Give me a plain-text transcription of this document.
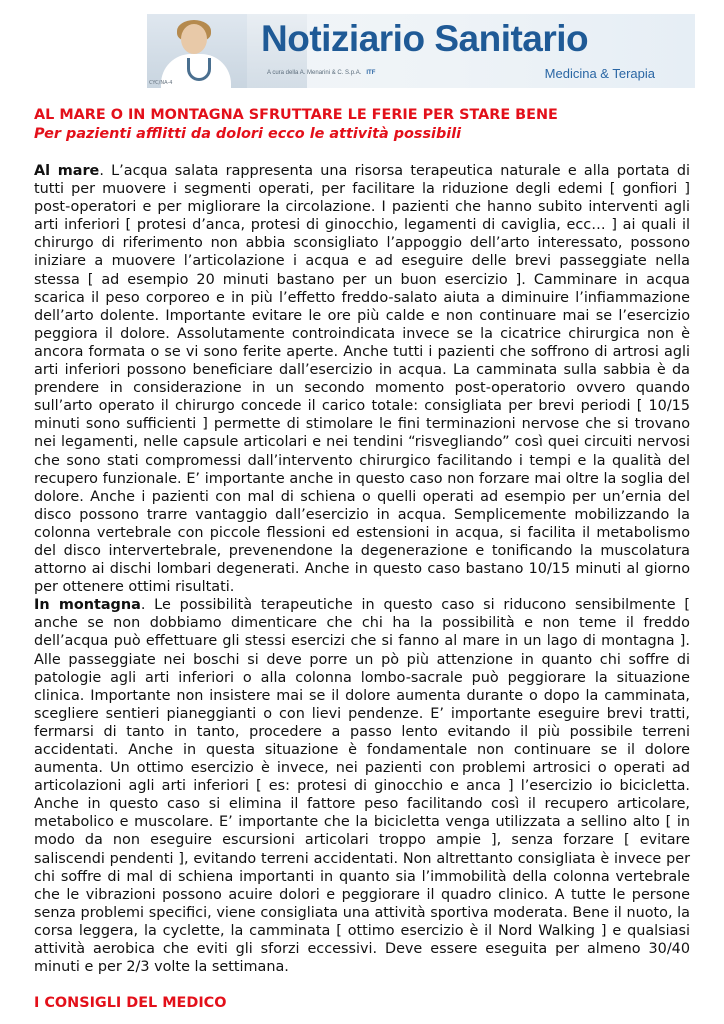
Notiziario Sanitario
A cura della A. Menarini & C. S.p.A. ITF	Medicina & Terapia
CYC/NA-4
AL MARE O IN MONTAGNA SFRUTTARE LE FERIE PER STARE BENE
Per pazienti afflitti da dolori ecco le attività possibili

Al mare. L’acqua salata rappresenta una risorsa terapeutica naturale e alla portata di tutti per muovere i segmenti operati, per facilitare la riduzione degli edemi [ gonfiori ] post-operatori e per migliorare la circolazione. I pazienti che hanno subito interventi agli arti inferiori [ protesi d’anca, protesi di ginocchio, legamenti di caviglia, ecc… ] ai quali il chirurgo di riferimento non abbia sconsigliato l’appoggio dell’arto interessato, possono iniziare a muovere l’articolazione i acqua e ad eseguire delle brevi passeggiate nella stessa [ ad esempio 20 minuti bastano per un buon esercizio ]. Camminare in acqua scarica il peso corporeo e in più l’effetto freddo-salato aiuta a diminuire l’infiammazione dell’arto dolente. Importante evitare le ore più calde e non continuare mai se l’esercizio peggiora il dolore. Assolutamente controindicata invece se la cicatrice chirurgica non è ancora formata o se vi sono ferite aperte. Anche tutti i pazienti che soffrono di artrosi agli arti inferiori possono beneficiare dall’esercizio in acqua. La camminata sulla sabbia è da prendere in considerazione in un secondo momento post-operatorio ovvero quando sull’arto operato il chirurgo concede il carico totale: consigliata per brevi periodi [ 10/15 minuti sono sufficienti ] permette di stimolare le fini terminazioni nervose che si trovano nei legamenti, nelle capsule articolari e nei tendini “risvegliando” così quei circuiti nervosi che sono stati compromessi dall’intervento chirurgico facilitando i tempi e la qualità del recupero funzionale. E’ importante anche in questo caso non forzare mai oltre la soglia del dolore. Anche i pazienti con mal di schiena o quelli operati ad esempio per un’ernia del disco possono trarre vantaggio dall’esercizio in acqua. Semplicemente mobilizzando la colonna vertebrale con piccole flessioni ed estensioni in acqua, si facilita il metabolismo del disco intervertebrale, prevenendone la degenerazione e tonificando la muscolatura attorno ai dischi lombari degenerati. Anche in questo caso bastano 10/15 minuti al giorno per ottenere ottimi risultati.

In montagna. Le possibilità terapeutiche in questo caso si riducono sensibilmente [ anche se non dobbiamo dimenticare che chi ha la possibilità e non teme il freddo dell’acqua può effettuare gli stessi esercizi che si fanno al mare in un lago di montagna ]. Alle passeggiate nei boschi si deve porre un pò più attenzione in quanto chi soffre di patologie agli arti inferiori o alla colonna lombo-sacrale può peggiorare la situazione clinica. Importante non insistere mai se il dolore aumenta durante o dopo la camminata, scegliere sentieri pianeggianti o con lievi pendenze. E’ importante eseguire brevi tratti, fermarsi di tanto in tanto, procedere a passo lento evitando il più possibile terreni accidentati. Anche in questa situazione è fondamentale non continuare se il dolore aumenta. Un ottimo esercizio è invece, nei pazienti con problemi artrosici o operati ad articolazioni agli arti inferiori [ es: protesi di ginocchio e anca ] l’esercizio io bicicletta. Anche in questo caso si elimina il fattore peso facilitando così il recupero articolare, metabolico e muscolare. E’ importante che la bicicletta venga utilizzata a sellino alto [ in modo da non eseguire escursioni articolari troppo ampie ], senza forzare [ evitare saliscendi pendenti ], evitando terreni accidentati. Non altrettanto consigliata è invece per chi soffre di mal di schiena importanti in quanto sia l’immobilità della colonna vertebrale che le vibrazioni possono acuire dolori e peggiorare il quadro clinico. A tutte le persone senza problemi specifici, viene consigliata una attività sportiva moderata. Bene il nuoto, la corsa leggera, la cyclette, la camminata [ ottimo esercizio è il Nord Walking ] e qualsiasi attività aerobica che eviti gli sforzi eccessivi. Deve essere eseguita per almeno 30/40 minuti e per 2/3 volte la settimana.

I CONSIGLI DEL MEDICO
